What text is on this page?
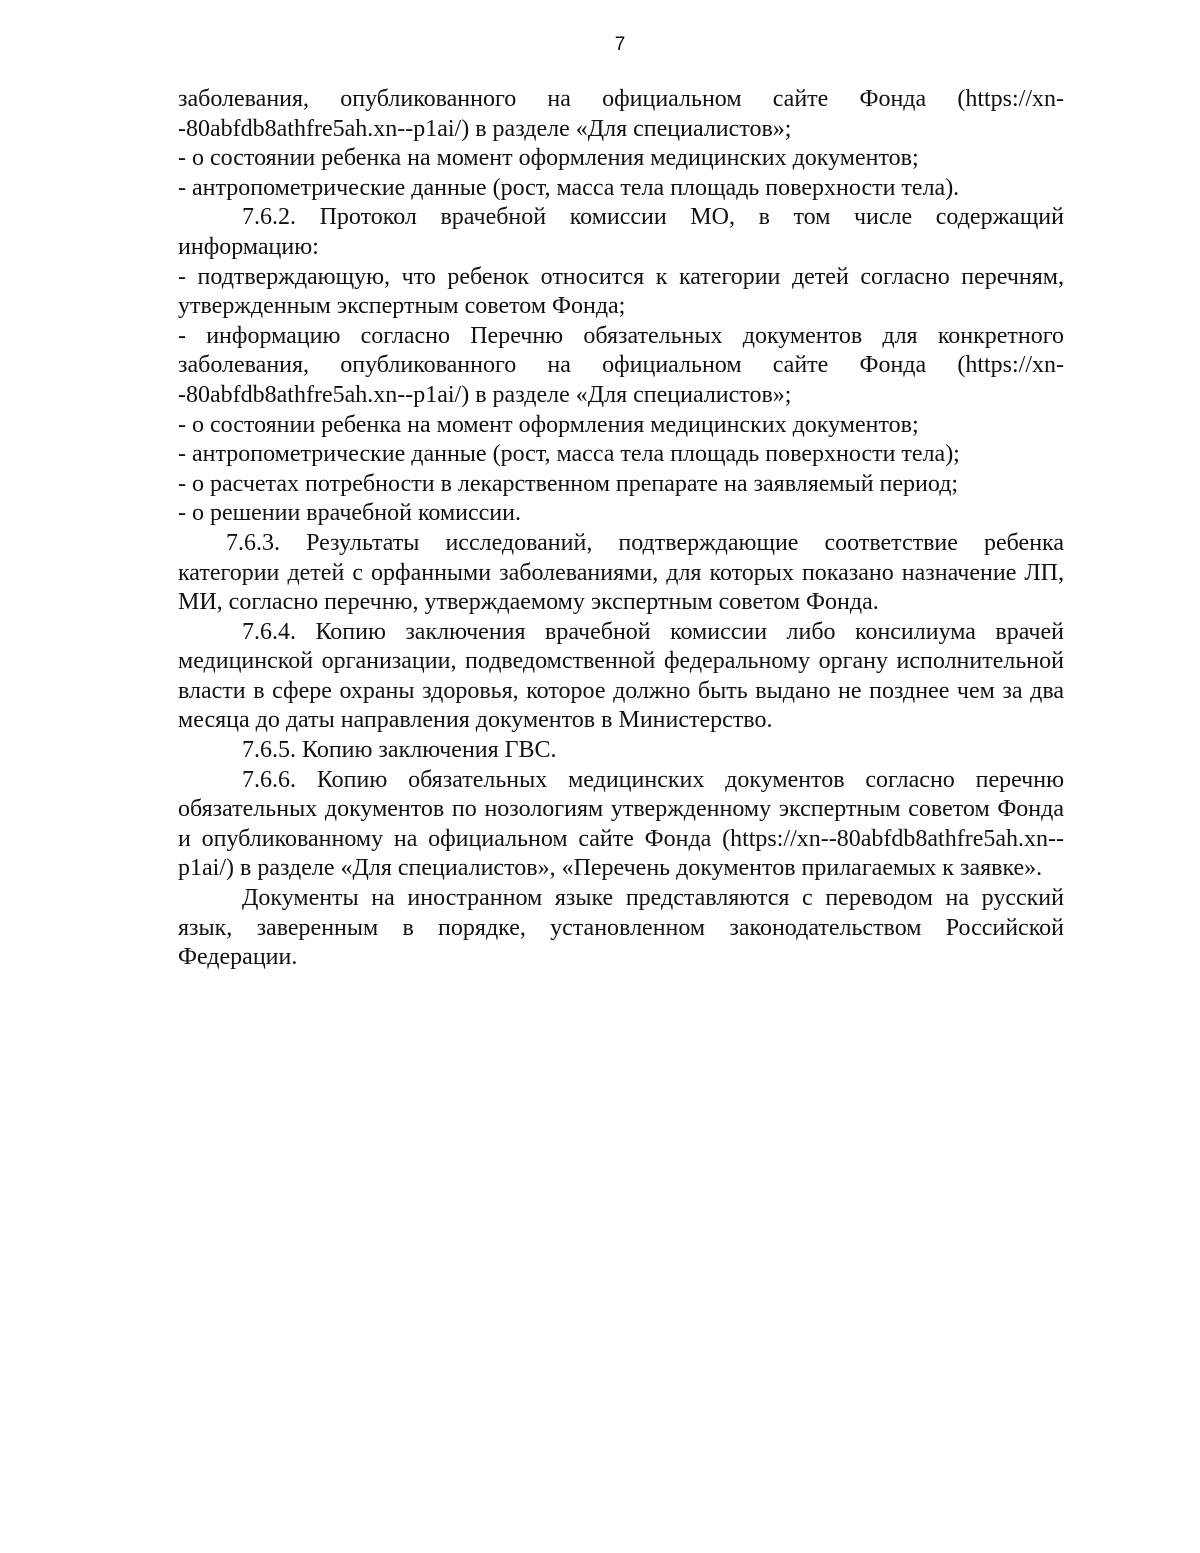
7

заболевания, опубликованного на официальном сайте Фонда (https://xn--80abfdb8athfre5ah.xn--p1ai/) в разделе «Для специалистов»;

- о состоянии ребенка на момент оформления медицинских документов;

- антропометрические данные (рост, масса тела площадь поверхности тела).

7.6.2. Протокол врачебной комиссии МО, в том числе содержащий информацию:

- подтверждающую, что ребенок относится к категории детей согласно перечням, утвержденным экспертным советом Фонда;

- информацию согласно Перечню обязательных документов для конкретного заболевания, опубликованного на официальном сайте Фонда (https://xn--80abfdb8athfre5ah.xn--p1ai/) в разделе «Для специалистов»;

- о состоянии ребенка на момент оформления медицинских документов;

- антропометрические данные (рост, масса тела площадь поверхности тела);

- о расчетах потребности в лекарственном препарате на заявляемый период;

- о решении врачебной комиссии.

7.6.3. Результаты исследований, подтверждающие соответствие ребенка категории детей с орфанными заболеваниями, для которых показано назначение ЛП, МИ, согласно перечню, утверждаемому экспертным советом Фонда.

7.6.4. Копию заключения врачебной комиссии либо консилиума врачей медицинской организации, подведомственной федеральному органу исполнительной власти в сфере охраны здоровья, которое должно быть выдано не позднее чем за два месяца до даты направления документов в Министерство.

7.6.5. Копию заключения ГВС.

7.6.6. Копию обязательных медицинских документов согласно перечню обязательных документов по нозологиям утвержденному экспертным советом Фонда и опубликованному на официальном сайте Фонда (https://xn--80abfdb8athfre5ah.xn--p1ai/) в разделе «Для специалистов», «Перечень документов прилагаемых к заявке».

Документы на иностранном языке представляются с переводом на русский язык, заверенным в порядке, установленном законодательством Российской Федерации.
